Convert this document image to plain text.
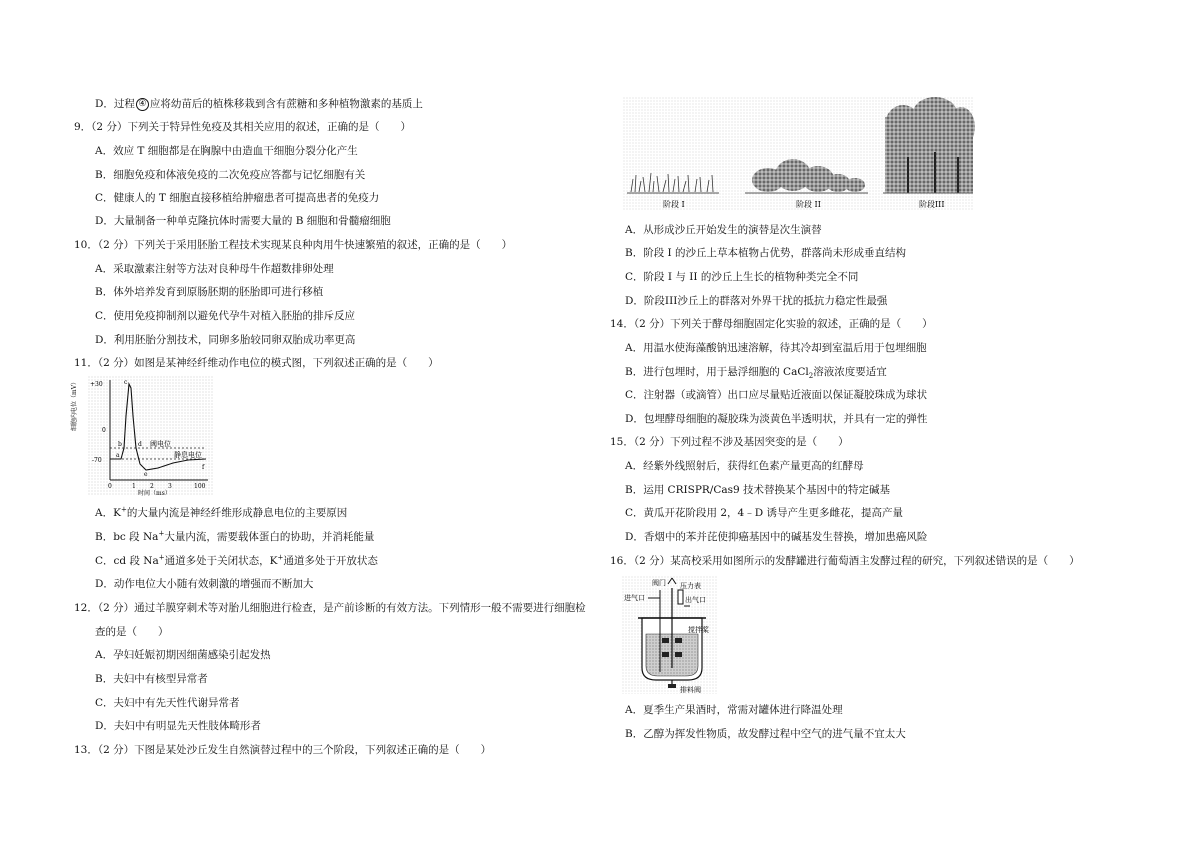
D．过程 ④ 应将幼苗后的植株移栽到含有蔗糖和多种植物激素的基质上
9．（2 分）下列关于特异性免疫及其相关应用的叙述，正确的是（　　）
A．效应 T 细胞都是在胸腺中由造血干细胞分裂分化产生
B．细胞免疫和体液免疫的二次免疫应答都与记忆细胞有关
C．健康人的 T 细胞直接移植给肿瘤患者可提高患者的免疫力
D．大量制备一种单克隆抗体时需要大量的 B 细胞和骨髓瘤细胞
10．（2 分）下列关于采用胚胎工程技术实现某良种肉用牛快速繁殖的叙述，正确的是（　　）
A．采取激素注射等方法对良种母牛作超数排卵处理
B．体外培养发育到原肠胚期的胚胎即可进行移植
C．使用免疫抑制剂以避免代孕牛对植入胚胎的排斥反应
D．利用胚胎分割技术，同卵多胎较同卵双胎成功率更高
11．（2 分）如图是某神经纤维动作电位的模式图，下列叙述正确的是（　　）
+30
0
-70
细胞内电位（mV）
阈电位
静息电位
a
b
c
d
e
f
0	1 2 3	100
时间（ms）
A．K+的大量内流是神经纤维形成静息电位的主要原因
B．bc 段 Na+大量内流，需要载体蛋白的协助，并消耗能量
C．cd 段 Na+通道多处于关闭状态，K+通道多处于开放状态
D．动作电位大小随有效刺激的增强而不断加大
12．（2 分）通过羊膜穿刺术等对胎儿细胞进行检查，是产前诊断的有效方法。下列情形一般不需要进行细胞检
查的是（　　）
A．孕妇妊娠初期因细菌感染引起发热
B．夫妇中有核型异常者
C．夫妇中有先天性代谢异常者
D．夫妇中有明显先天性肢体畸形者
13．（2 分）下图是某处沙丘发生自然演替过程中的三个阶段，下列叙述正确的是（　　）
阶段 I	阶段 II	阶段III
A．从形成沙丘开始发生的演替是次生演替
B．阶段 I 的沙丘上草本植物占优势，群落尚未形成垂直结构
C．阶段 I 与 II 的沙丘上生长的植物种类完全不同
D．阶段III沙丘上的群落对外界干扰的抵抗力稳定性最强
14．（2 分）下列关于酵母细胞固定化实验的叙述，正确的是（　　）
A．用温水使海藻酸钠迅速溶解，待其冷却到室温后用于包埋细胞
B．进行包埋时，用于悬浮细胞的 CaCl$_2$溶液浓度要适宜
C．注射器（或滴管）出口应尽量贴近液面以保证凝胶珠成为球状
D．包埋酵母细胞的凝胶珠为淡黄色半透明状，并具有一定的弹性
15．（2 分）下列过程不涉及基因突变的是（　　）
A．经紫外线照射后，获得红色素产量更高的红酵母
B．运用 CRISPR/Cas9 技术替换某个基因中的特定碱基
C．黄瓜开花阶段用 2，4﹣D 诱导产生更多雌花，提高产量
D．香烟中的苯并芘使抑癌基因中的碱基发生替换，增加患癌风险
16．（2 分）某高校采用如图所示的发酵罐进行葡萄酒主发酵过程的研究，下列叙述错误的是（　　）
阀门
进气口
压力表
出气口
搅拌桨
排料阀
A．夏季生产果酒时，常需对罐体进行降温处理
B．乙醇为挥发性物质，故发酵过程中空气的进气量不宜太大
